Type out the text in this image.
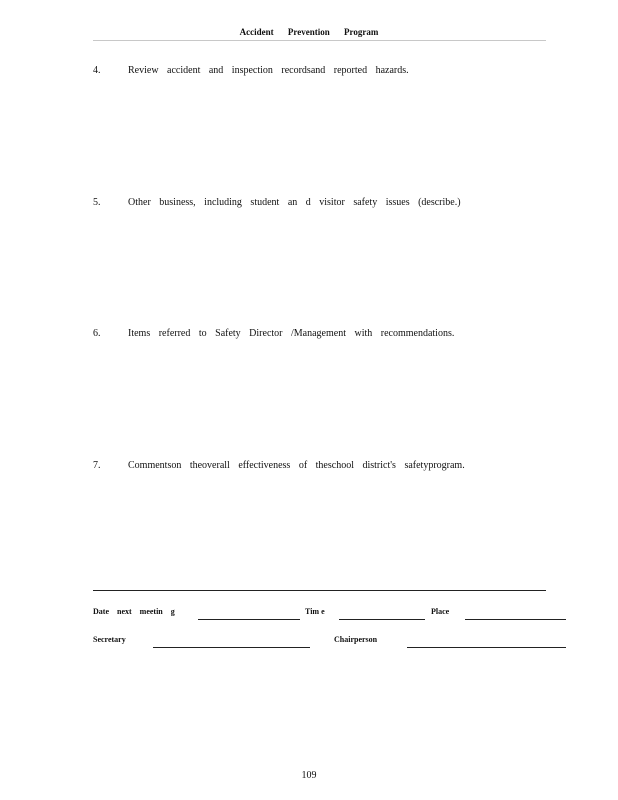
Accident Prevention Program
4.	Review accident and inspection recordsand reported hazards.
5.	Other business, including student an d visitor safety issues (describe.)
6.	Items referred to Safety Director /Management with recommendations.
7.	Commentson theoverall effectiveness of theschool district's safetyprogram.
Date next meetin g	Tim e	Place
Secretary	Chairperson
109
